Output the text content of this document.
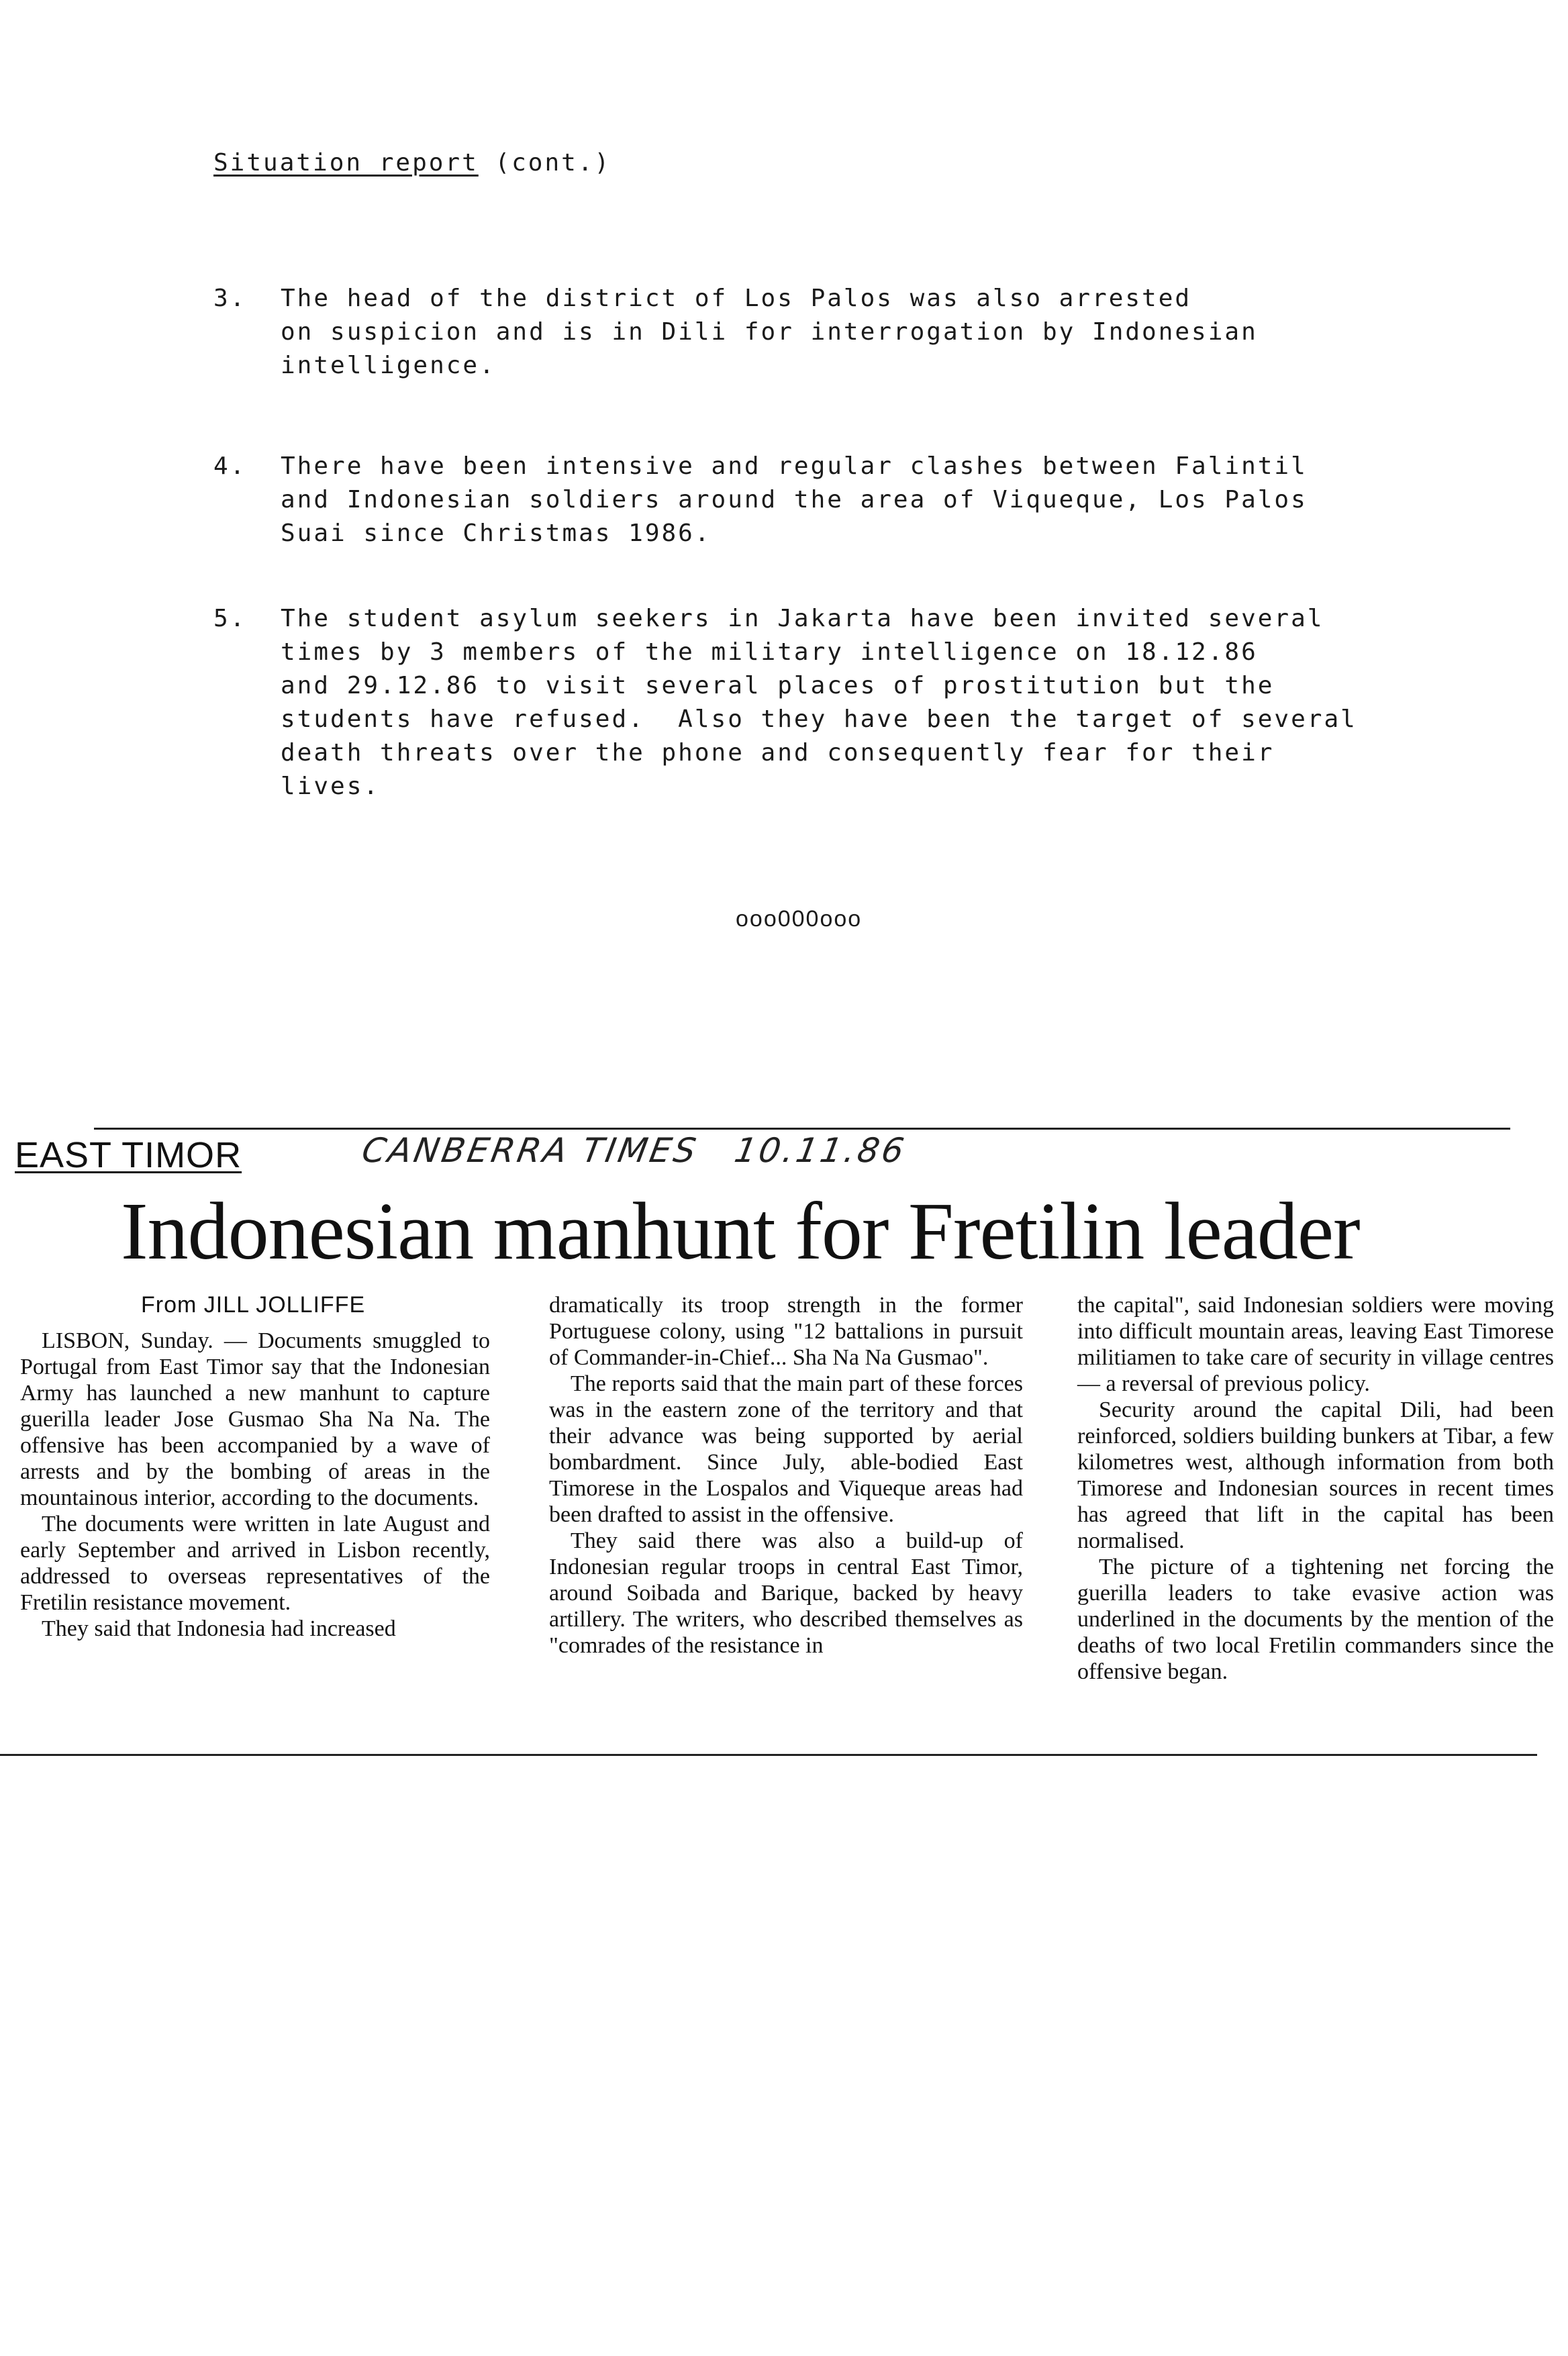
Situation report (cont.)
3. The head of the district of Los Palos was also arrested
on suspicion and is in Dili for interrogation by Indonesian
intelligence.
4. There have been intensive and regular clashes between Falintil
and Indonesian soldiers around the area of Viqueque, Los Palos
Suai since Christmas 1986.
5. The student asylum seekers in Jakarta have been invited several
times by 3 members of the military intelligence on 18.12.86
and 29.12.86 to visit several places of prostitution but the
students have refused.  Also they have been the target of several
death threats over the phone and consequently fear for their
lives.
ooo000ooo
EAST TIMOR	CANBERRA TIMES 10.11.86
Indonesian manhunt for Fretilin leader
From JILL JOLLIFFE

LISBON, Sunday. — Documents smuggled to Portugal from East Timor say that the Indonesian Army has launched a new manhunt to capture guerilla leader Jose Gusmao Sha Na Na. The offensive has been accompanied by a wave of arrests and by the bombing of areas in the mountainous interior, according to the documents.

The documents were written in late August and early September and arrived in Lisbon recently, addressed to overseas representatives of the Fretilin resistance movement.

They said that Indonesia had increased

dramatically its troop strength in the former Portuguese colony, using "12 battalions in pursuit of Commander-in-Chief... Sha Na Na Gusmao".

The reports said that the main part of these forces was in the eastern zone of the territory and that their advance was being supported by aerial bombardment. Since July, able-bodied East Timorese in the Lospalos and Viqueque areas had been drafted to assist in the offensive.

They said there was also a build-up of Indonesian regular troops in central East Timor, around Soibada and Barique, backed by heavy artillery. The writers, who described themselves as "comrades of the resistance in

the capital", said Indonesian soldiers were moving into difficult mountain areas, leaving East Timorese militiamen to take care of security in village centres — a reversal of previous policy.

Security around the capital Dili, had been reinforced, soldiers building bunkers at Tibar, a few kilometres west, although information from both Timorese and Indonesian sources in recent times has agreed that lift in the capital has been normalised.

The picture of a tightening net forcing the guerilla leaders to take evasive action was underlined in the documents by the mention of the deaths of two local Fretilin commanders since the offensive began.
